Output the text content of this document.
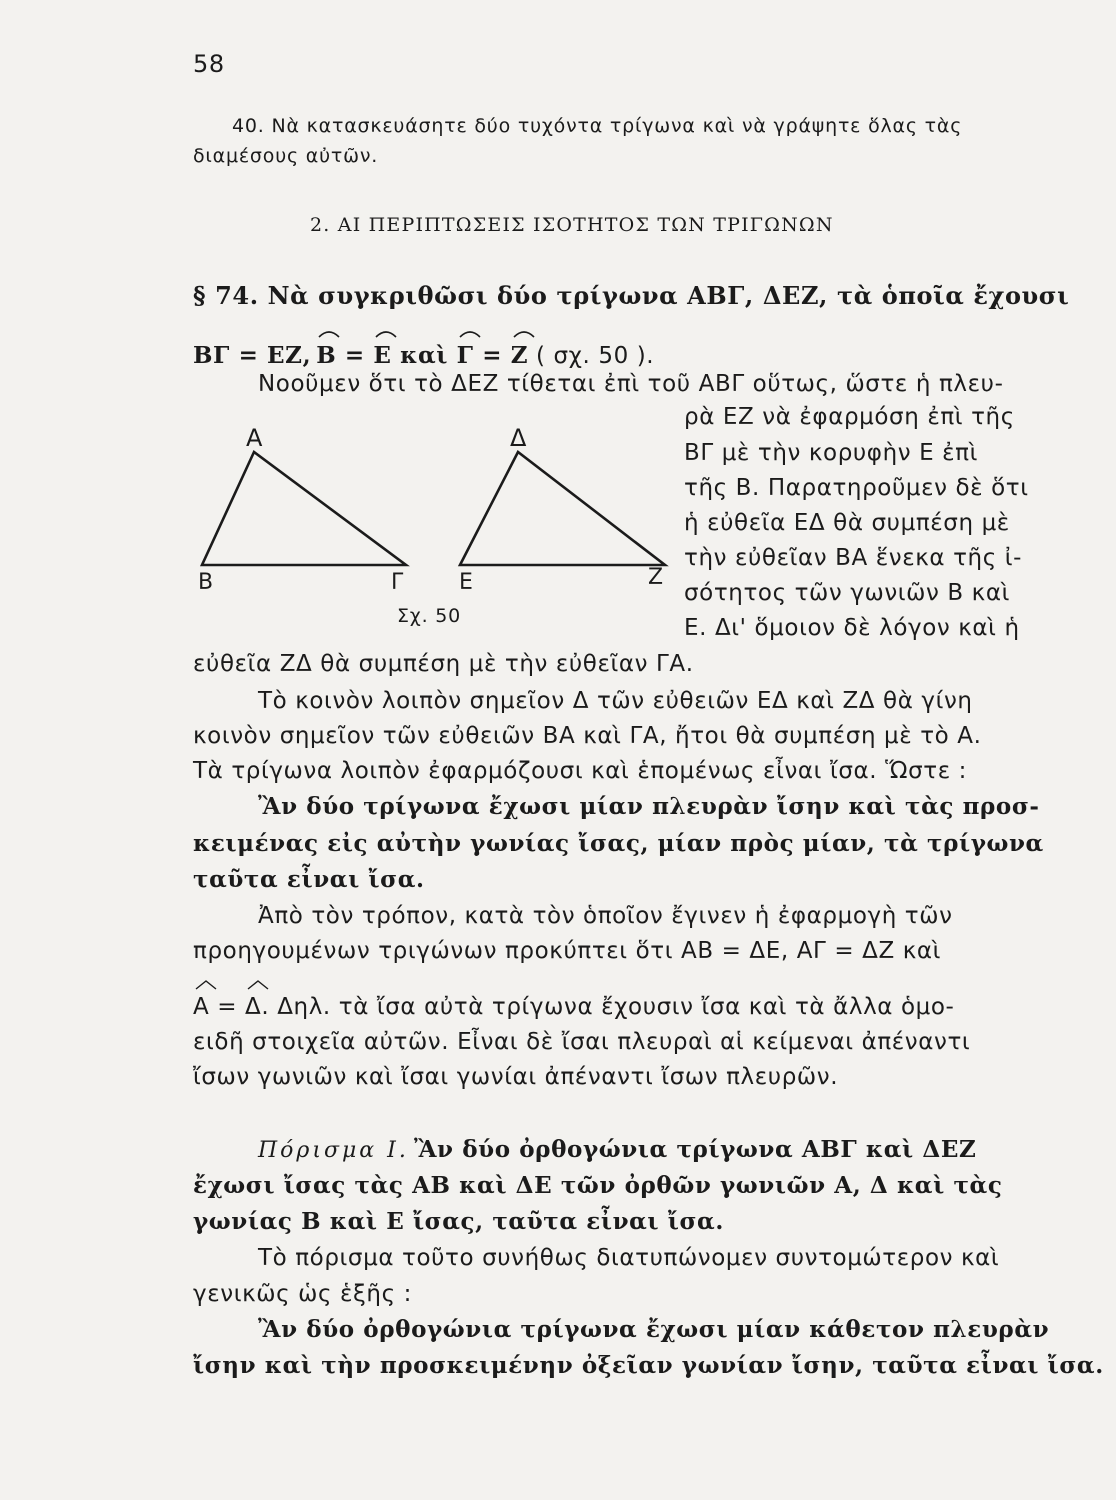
58
40. Νὰ κατασκευάσητε δύο τυχόντα τρίγωνα καὶ νὰ γράψητε ὅλας τὰς
διαμέσους αὐτῶν.
2. ΑΙ ΠΕΡΙΠΤΩΣΕΙΣ ΙΣΟΤΗΤΟΣ ΤΩΝ ΤΡΙΓΩΝΩΝ
§ 74. Νὰ συγκριθῶσι δύο τρίγωνα ΑΒΓ, ΔΕΖ, τὰ ὁποῖα ἔχουσι
ΒΓ = ΕΖ, Β =
Ε καὶ
Γ =
Ζ ( σχ. 50 ).
Νοοῦμεν ὅτι τὸ ΔΕΖ τίθεται ἐπὶ τοῦ ΑΒΓ οὕτως, ὥστε ἡ πλευ-
ρὰ ΕΖ νὰ ἐφαρμόση ἐπὶ τῆς
ΒΓ μὲ τὴν κορυφὴν Ε ἐπὶ
τῆς Β. Παρατηροῦμεν δὲ ὅτι
ἡ εὐθεῖα ΕΔ θὰ συμπέση μὲ
τὴν εὐθεῖαν ΒΑ ἕνεκα τῆς ἰ-
σότητος τῶν γωνιῶν Β καὶ
Ε. Δι' ὅμοιον δὲ λόγον καὶ ἡ
εὐθεῖα ΖΔ θὰ συμπέση μὲ τὴν εὐθεῖαν ΓΑ.
Τὸ κοινὸν λοιπὸν σημεῖον Δ τῶν εὐθειῶν ΕΔ καὶ ΖΔ θὰ γίνη
κοινὸν σημεῖον τῶν εὐθειῶν ΒΑ καὶ ΓΑ, ἤτοι θὰ συμπέση μὲ τὸ Α.
Τὰ τρίγωνα λοιπὸν ἐφαρμόζουσι καὶ ἑπομένως εἶναι ἴσα. Ὥστε :
Α
Β	Γ
Δ
Ε	Ζ
Σχ. 50
Ἂν δύο τρίγωνα ἔχωσι μίαν πλευρὰν ἴσην καὶ τὰς προσ-
κειμένας εἰς αὐτὴν γωνίας ἴσας, μίαν πρὸς μίαν, τὰ τρίγωνα
ταῦτα εἶναι ἴσα.
Ἀπὸ τὸν τρόπον, κατὰ τὸν ὁποῖον ἔγινεν ἡ ἐφαρμογὴ τῶν
προηγουμένων τριγώνων προκύπτει ὅτι ΑΒ = ΔΕ, ΑΓ = ΔΖ καὶ
Α =
Δ. Δηλ. τὰ ἴσα αὐτὰ τρίγωνα ἔχουσιν ἴσα καὶ τὰ ἄλλα ὁμο-
ειδῆ στοιχεῖα αὐτῶν. Εἶναι δὲ ἴσαι πλευραὶ αἱ κείμεναι ἀπέναντι
ἴσων γωνιῶν καὶ ἴσαι γωνίαι ἀπέναντι ἴσων πλευρῶν.
Πόρισμα Ι. Ἂν δύο ὀρθογώνια τρίγωνα ΑΒΓ καὶ ΔΕΖ
ἔχωσι ἴσας τὰς ΑΒ καὶ ΔΕ τῶν ὀρθῶν γωνιῶν Α, Δ καὶ τὰς
γωνίας Β καὶ Ε ἴσας, ταῦτα εἶναι ἴσα.
Τὸ πόρισμα τοῦτο συνήθως διατυπώνομεν συντομώτερον καὶ
γενικῶς ὡς ἑξῆς :
Ἂν δύο ὀρθογώνια τρίγωνα ἔχωσι μίαν κάθετον πλευρὰν
ἴσην καὶ τὴν προσκειμένην ὀξεῖαν γωνίαν ἴσην, ταῦτα εἶναι ἴσα.
